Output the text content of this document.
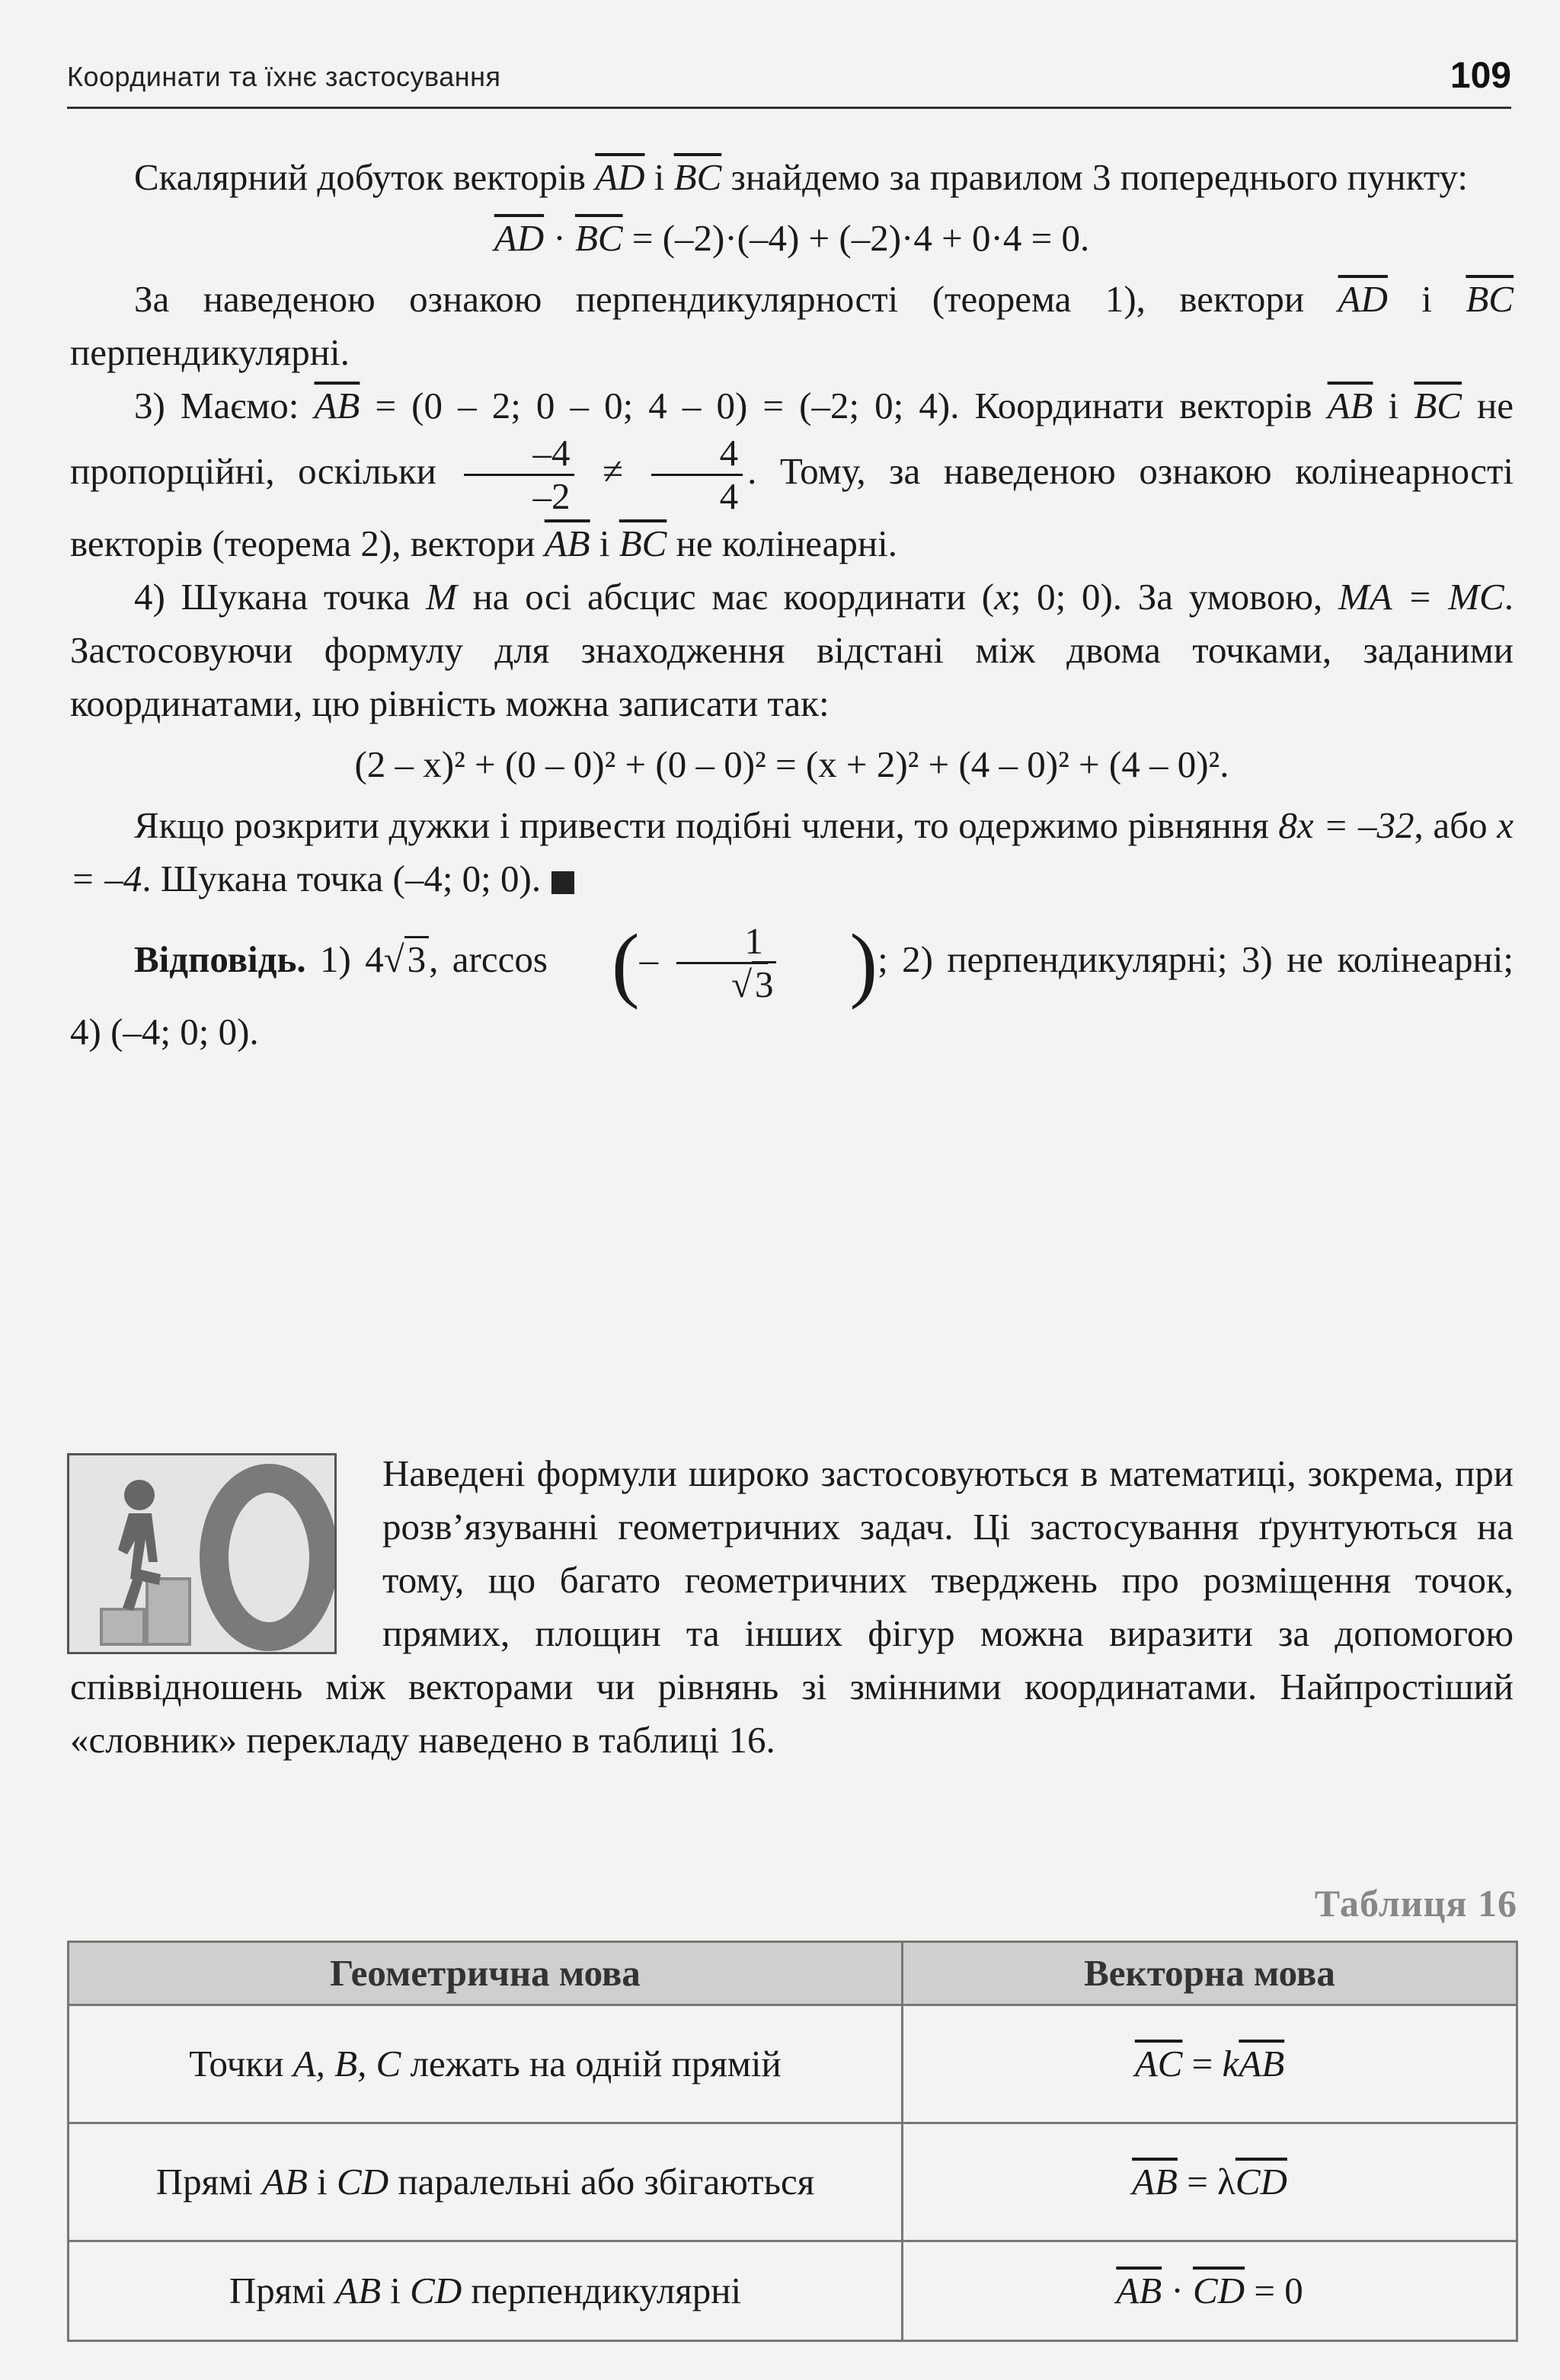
Координати та їхнє застосування	109

Скалярний добуток векторів $\overline{AD}$ і $\overline{BC}$ знайдемо за правилом 3 попереднього пункту:

$\overline{AD} \cdot \overline{BC} = (-2)\cdot(-4) + (-2)\cdot 4 + 0\cdot 4 = 0$.

За наведеною ознакою перпендикулярності (теорема 1), вектори $\overline{AD}$ і $\overline{BC}$ перпендикулярні.

3) Маємо: $\overline{AB} = (0 - 2$; 0 – 0; 4 – 0) = (–2; 0; 4). Координати векторів $\overline{AB}$ і $\overline{BC}$ не пропорційні, оскільки $\frac{-4}{-2} \ne \frac{4}{4}$ . Тому, за наведеною ознакою колінеарності векторів (теорема 2), вектори $\overline{AB}$ і $\overline{BC}$ не колінеарні.

4) Шукана точка M на осі абсцис має координати (x; 0; 0). За умовою, MA = MC. Застосовуючи формулу для знаходження відстані між двома точками, заданими координатами, цю рівність можна записати так:

(2 – x)² + (0 – 0)² + (0 – 0)² = (x + 2)² + (4 – 0)² + (4 – 0)².

Якщо розкрити дужки і привести подібні члени, то одержимо рівняння 8x = –32, або x = –4. Шукана точка (–4; 0; 0).

Відповідь. 1) 4√3, arccos (– $\frac{1}{√3}$ ); 2) перпендикулярні; 3) не колінеарні; 4) (–4; 0; 0).

Наведені формули широко застосовуються в математиці, зокрема, при розв’язуванні геометричних задач. Ці застосування ґрунтуються на тому, що багато геометричних тверджень про розміщення точок, прямих, площин та інших фігур можна виразити за допомогою співвідношень між векторами чи рівнянь зі змінними координатами. Найпростіший «словник» перекладу наведено в таблиці 16.

Таблиця 16
Геометрична мова	Векторна мова
Точки A, B, C лежать на одній прямій	$\overline{AC} = k\overline{AB}$
Прямі AB і CD паралельні або збігаються	$\overline{AB} = \lambda\overline{CD}$
Прямі AB і CD перпендикулярні	$\overline{AB} \cdot \overline{CD} = 0$
